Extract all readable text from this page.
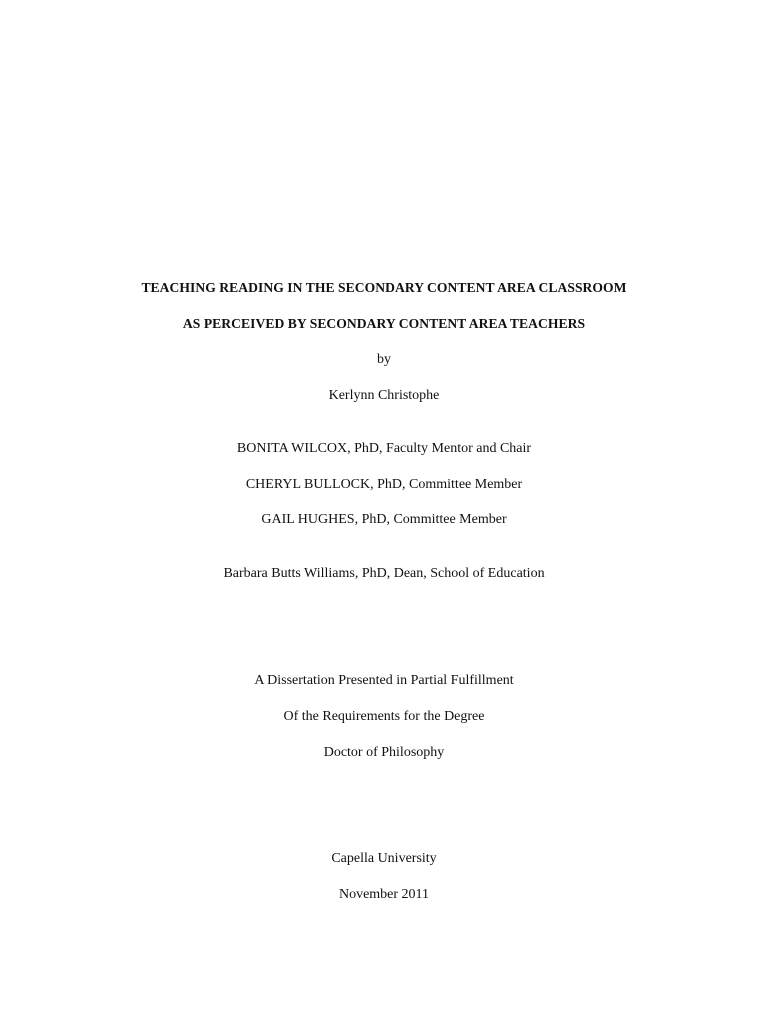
TEACHING READING IN THE SECONDARY CONTENT AREA CLASSROOM
AS PERCEIVED BY SECONDARY CONTENT AREA TEACHERS
by
Kerlynn Christophe
BONITA WILCOX, PhD, Faculty Mentor and Chair
CHERYL BULLOCK, PhD, Committee Member
GAIL HUGHES, PhD, Committee Member
Barbara Butts Williams, PhD, Dean, School of Education
A Dissertation Presented in Partial Fulfillment
Of the Requirements for the Degree
Doctor of Philosophy
Capella University
November 2011
